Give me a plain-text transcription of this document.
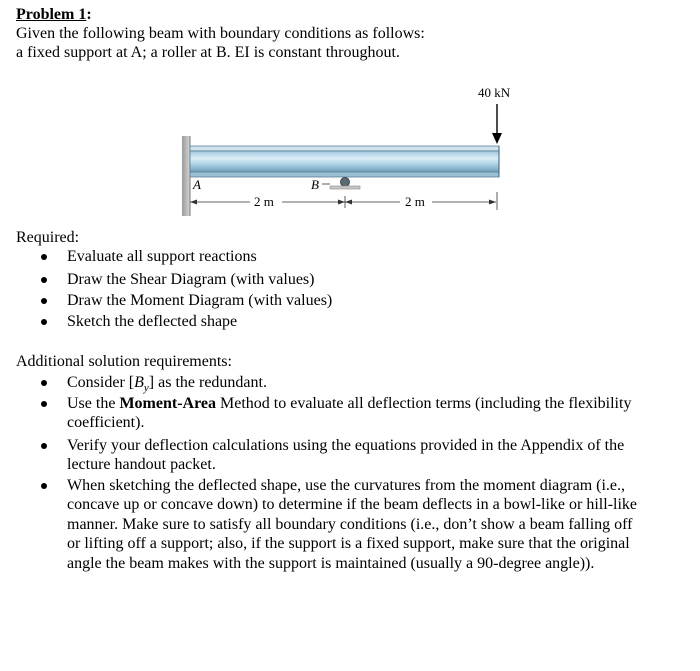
Problem 1:
Given the following beam with boundary conditions as follows:
a fixed support at A; a roller at B. EI is constant throughout.
40 kN
A	B
2 m	2 m
Required:
Evaluate all support reactions
Draw the Shear Diagram (with values)
Draw the Moment Diagram (with values)
Sketch the deflected shape
Additional solution requirements:
Consider $[B_y]$ as the redundant.
Use the Moment-Area Method to evaluate all deflection terms (including the flexibility
coefficient).
Verify your deflection calculations using the equations provided in the Appendix of the
lecture handout packet.
When sketching the deflected shape, use the curvatures from the moment diagram (i.e.,
concave up or concave down) to determine if the beam deflects in a bowl-like or hill-like
manner. Make sure to satisfy all boundary conditions (i.e., don’t show a beam falling off
or lifting off a support; also, if the support is a fixed support, make sure that the original
angle the beam makes with the support is maintained (usually a 90-degree angle)).
